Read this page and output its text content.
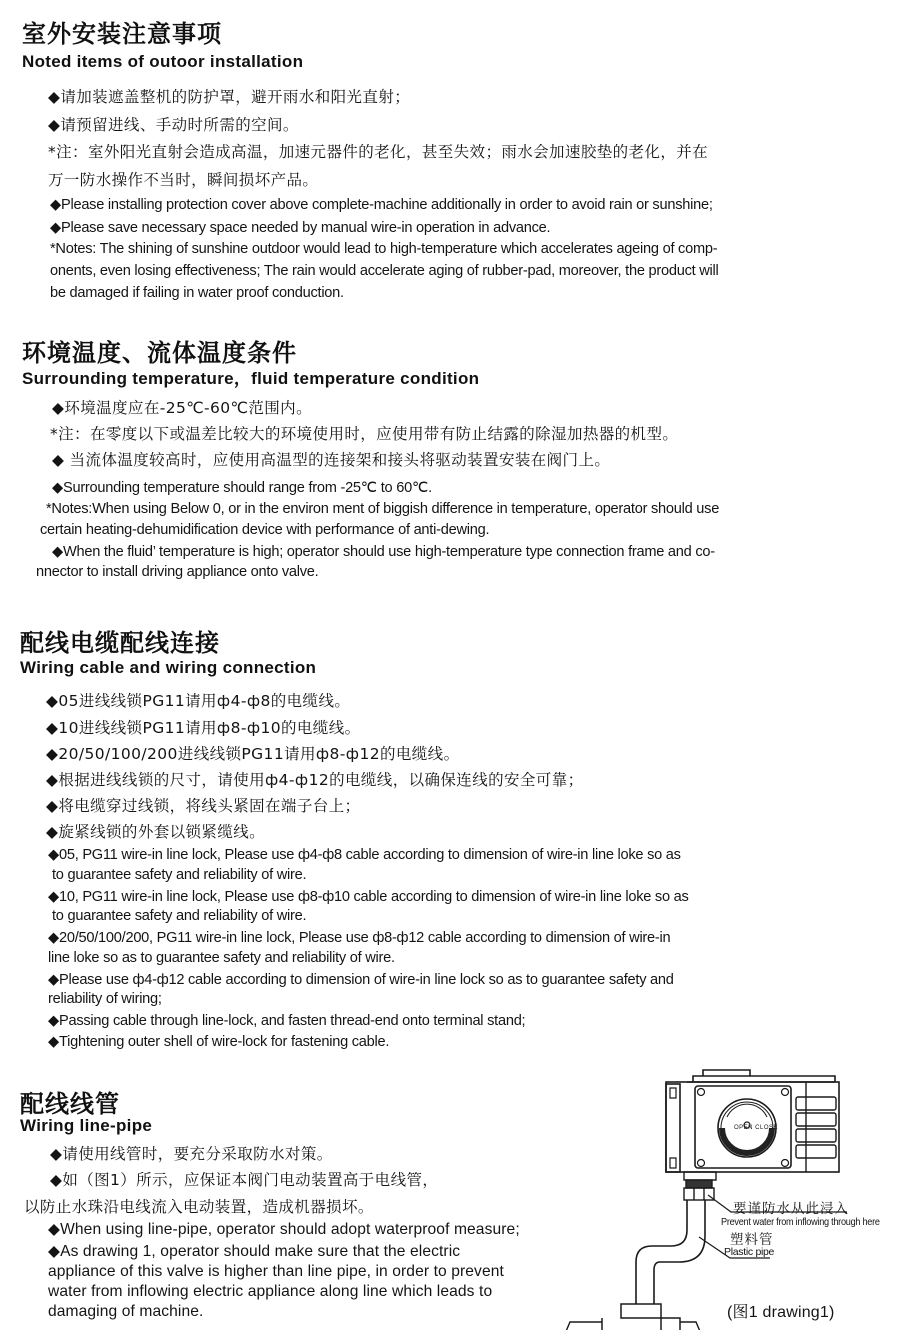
室外安装注意事项
Noted items of outoor installation
◆请加装遮盖整机的防护罩，避开雨水和阳光直射；
◆请预留进线、手动时所需的空间。
*注：室外阳光直射会造成高温，加速元器件的老化，甚至失效；雨水会加速胶垫的老化，并在
万一防水操作不当时，瞬间损坏产品。
◆Please installing protection cover above complete-machine additionally in order to avoid rain or sunshine;
◆Please save necessary space needed by manual wire-in operation in advance.
*Notes: The shining of sunshine outdoor would lead to high-temperature which accelerates ageing of comp-
onents, even losing effectiveness; The rain would accelerate aging of rubber-pad, moreover, the product will
be damaged if failing in water proof conduction.
环境温度、流体温度条件
Surrounding temperature，fluid temperature condition
◆环境温度应在-25℃-60℃范围内。
*注：在零度以下或温差比较大的环境使用时，应使用带有防止结露的除湿加热器的机型。
◆ 当流体温度较高时，应使用高温型的连接架和接头将驱动装置安装在阀门上。
◆Surrounding temperature should range from -25℃ to 60℃.
*Notes:When using Below 0, or in the environ ment of biggish difference in temperature, operator should use
certain heating-dehumidification device with performance of anti-dewing.
◆When the fluid’ temperature is high; operator should use high-temperature type connection frame and co-
nnector to install driving appliance onto valve.
配线电缆配线连接
Wiring cable and wiring connection
◆05进线线锁PG11请用ф4-ф8的电缆线。
◆10进线线锁PG11请用ф8-ф10的电缆线。
◆20/50/100/200进线线锁PG11请用ф8-ф12的电缆线。
◆根据进线线锁的尺寸，请使用ф4-ф12的电缆线，以确保连线的安全可靠；
◆将电缆穿过线锁，将线头紧固在端子台上；
◆旋紧线锁的外套以锁紧缆线。
◆05, PG11 wire-in line lock, Please use ф4-ф8 cable according to dimension of wire-in line loke so as
to guarantee safety and reliability of wire.
◆10, PG11 wire-in line lock, Please use ф8-ф10 cable according to dimension of wire-in line loke so as
to guarantee safety and reliability of wire.
◆20/50/100/200, PG11 wire-in line lock, Please use ф8-ф12 cable according to dimension of wire-in
line loke so as to guarantee safety and reliability of wire.
◆Please use ф4-ф12 cable according to dimension of wire-in line lock so as to guarantee safety and
reliability of wiring;
◆Passing cable through line-lock, and fasten thread-end onto terminal stand;
◆Tightening outer shell of wire-lock for fastening cable.
配线线管
Wiring line-pipe
◆请使用线管时，要充分采取防水对策。
◆如（图1）所示，应保证本阀门电动装置高于电线管，
以防止水珠沿电线流入电动装置，造成机器损坏。
◆When using line-pipe, operator should adopt waterproof measure;
◆As drawing 1, operator should make sure that the electric
appliance of this valve is higher than line pipe, in order to prevent
water from inflowing electric appliance along line which leads to
damaging of machine.
OPEN CLOSE
要谨防水从此浸入
Prevent water from inflowing through here
塑料管
Plastic pipe
(图1 drawing1)
